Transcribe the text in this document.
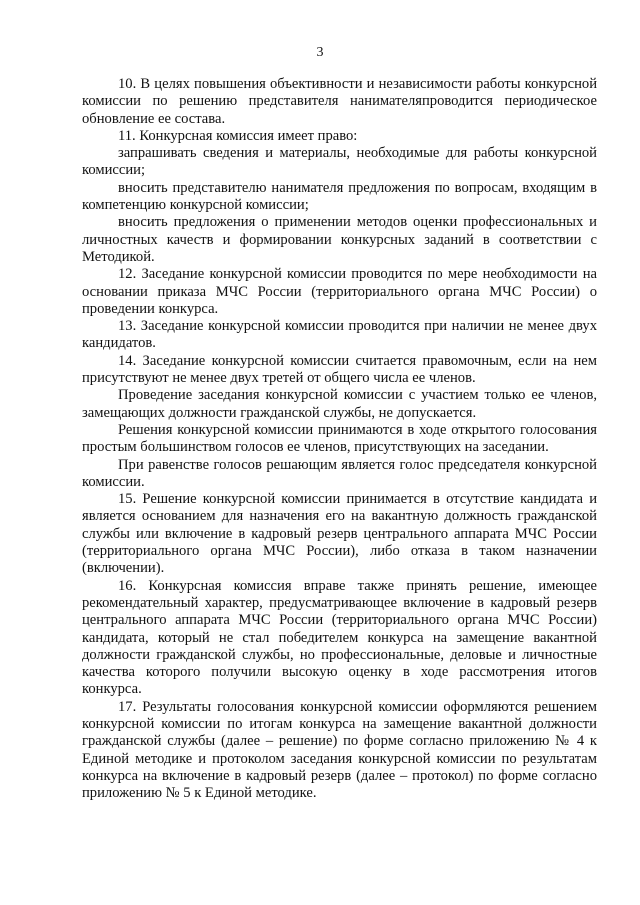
3

10. В целях повышения объективности и независимости работы конкурсной комиссии по решению представителя нанимателяпроводится периодическое обновление ее состава.

11. Конкурсная комиссия имеет право:

запрашивать сведения и материалы, необходимые для работы конкурсной комиссии;

вносить представителю нанимателя предложения по вопросам, входящим в компетенцию конкурсной комиссии;

вносить предложения о применении методов оценки профессиональных и личностных качеств и формировании конкурсных заданий в соответствии с Методикой.

12. Заседание конкурсной комиссии проводится по мере необходимости на основании приказа МЧС России (территориального органа МЧС России) о проведении конкурса.

13. Заседание конкурсной комиссии проводится при наличии не менее двух кандидатов.

14. Заседание конкурсной комиссии считается правомочным, если на нем присутствуют не менее двух третей от общего числа ее членов.

Проведение заседания конкурсной комиссии с участием только ее членов, замещающих должности гражданской службы, не допускается.

Решения конкурсной комиссии принимаются в ходе открытого голосования простым большинством голосов ее членов, присутствующих на заседании.

При равенстве голосов решающим является голос председателя конкурсной комиссии.

15. Решение конкурсной комиссии принимается в отсутствие кандидата и является основанием для назначения его на вакантную должность гражданской службы или включение в кадровый резерв центрального аппарата МЧС России (территориального органа МЧС России), либо отказа в таком назначении (включении).

16. Конкурсная комиссия вправе также принять решение, имеющее рекомендательный характер, предусматривающее включение в кадровый резерв центрального аппарата МЧС России (территориального органа МЧС России) кандидата, который не стал победителем конкурса на замещение вакантной должности гражданской службы, но профессиональные, деловые и личностные качества которого получили высокую оценку в ходе рассмотрения итогов конкурса.

17. Результаты голосования конкурсной комиссии оформляются решением конкурсной комиссии по итогам конкурса на замещение вакантной должности гражданской службы (далее – решение) по форме согласно приложению № 4 к Единой методике и протоколом заседания конкурсной комиссии по результатам конкурса на включение в кадровый резерв (далее – протокол) по форме согласно приложению № 5 к Единой методике.
